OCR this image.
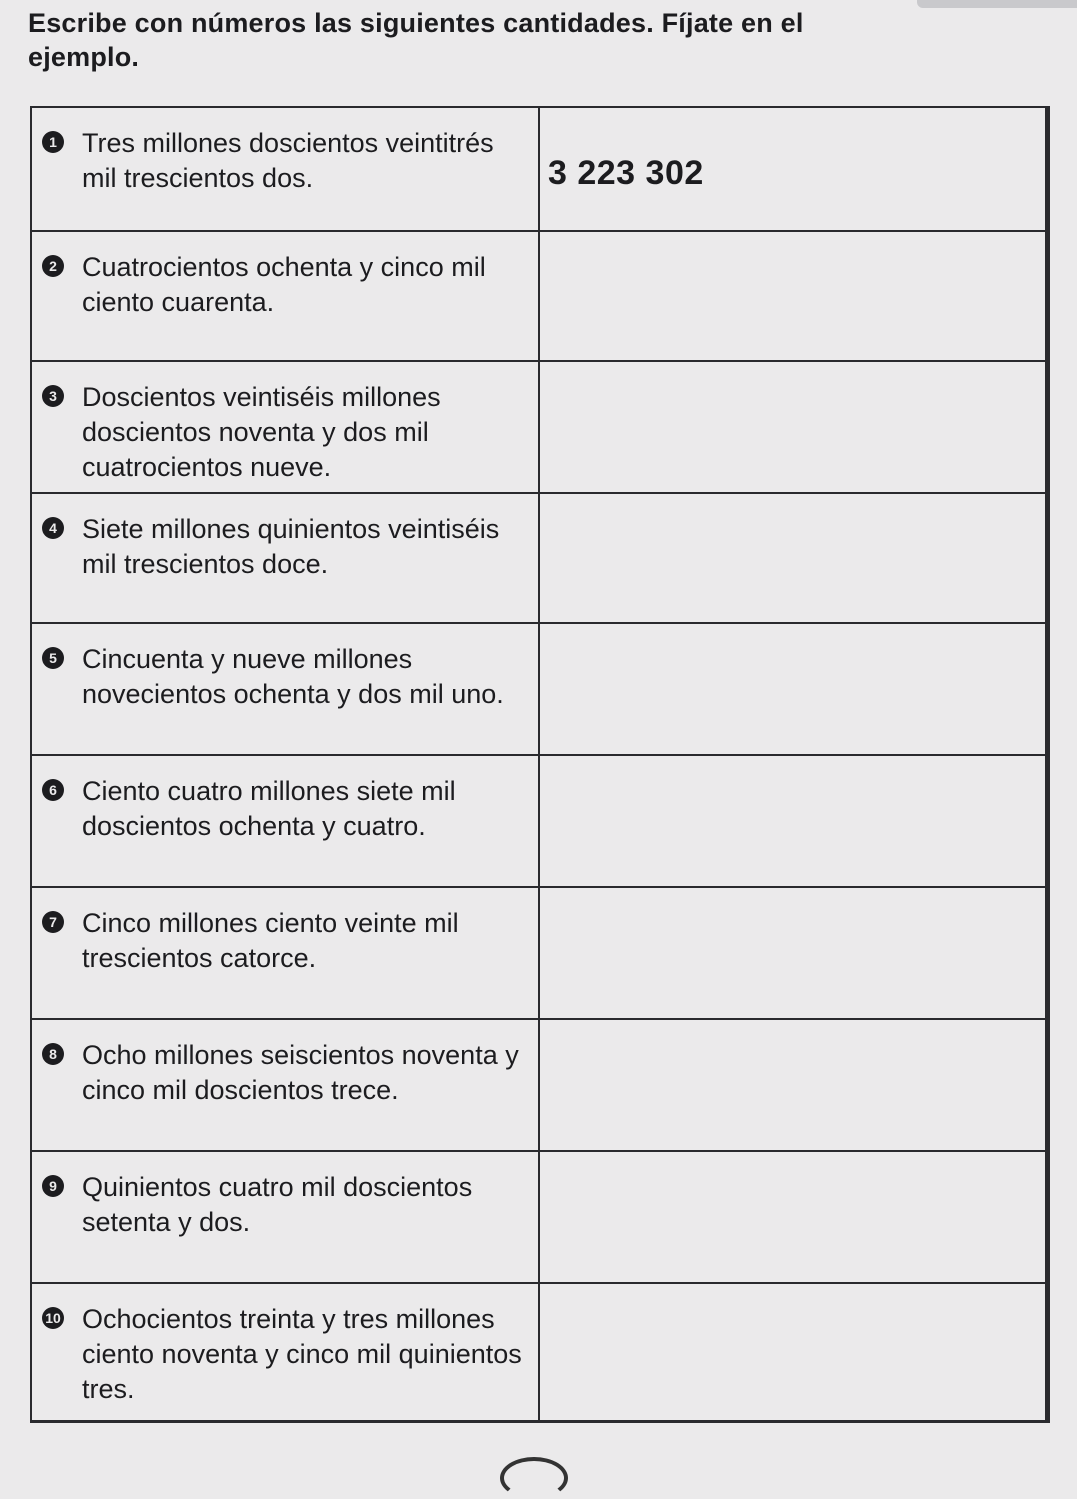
Escribe con números las siguientes cantidades. Fíjate en el ejemplo.
1 Tres millones doscientos veintitrés mil trescientos dos.	3 223 302

2 Cuatrocientos ochenta y cinco mil ciento cuarenta.	

3 Doscientos veintiséis millones doscientos noventa y dos mil cuatrocientos nueve.	

4 Siete millones quinientos veintiséis mil trescientos doce.	

5 Cincuenta y nueve millones novecientos ochenta y dos mil uno.	

6 Ciento cuatro millones siete mil doscientos ochenta y cuatro.	

7 Cinco millones ciento veinte mil trescientos catorce.	

8 Ocho millones seiscientos noventa y cinco mil doscientos trece.	

9 Quinientos cuatro mil doscientos setenta y dos.	

10 Ochocientos treinta y tres millones ciento noventa y cinco mil quinientos tres.	
